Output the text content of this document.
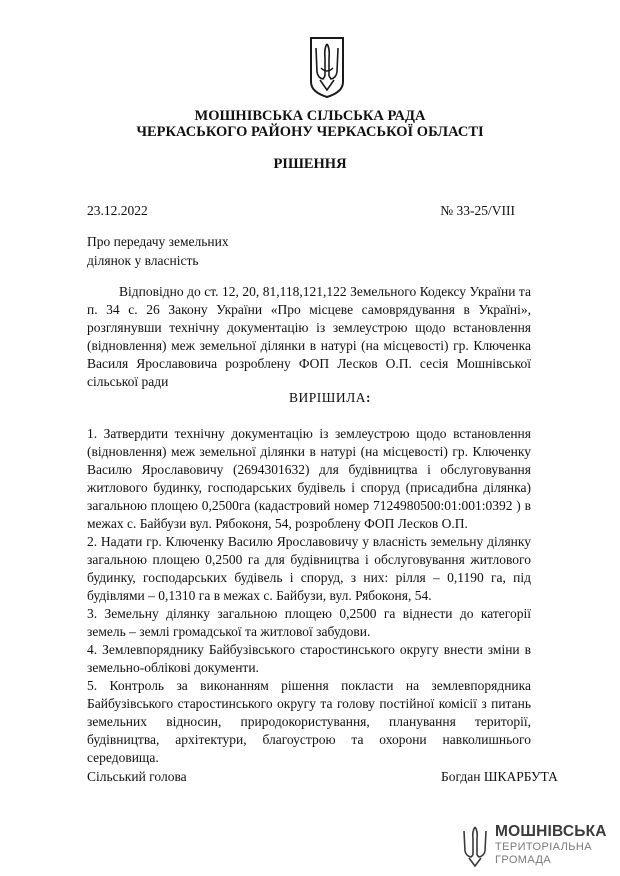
МОШНІВСЬКА СІЛЬСЬКА РАДА
ЧЕРКАСЬКОГО РАЙОНУ ЧЕРКАСЬКОЇ ОБЛАСТІ
РІШЕННЯ
23.12.2022	№ 33-25/VIII
Про передачу земельних
ділянок у власність
Відповідно до ст. 12, 20, 81,118,121,122 Земельного Кодексу України та п. 34 с. 26 Закону України «Про місцеве самоврядування в Україні», розглянувши технічну документацію із землеустрою щодо встановлення (відновлення) меж земельної ділянки в натурі (на місцевості) гр. Ключенка Василя Ярославовича розроблену ФОП Лесков О.П. сесія Мошнівської сільської ради
ВИРІШИЛА:

1. Затвердити технічну документацію із землеустрою щодо встановлення (відновлення) меж земельної ділянки в натурі (на місцевості) гр. Ключенку Василю Ярославовичу (2694301632) для будівництва і обслуговування житлового будинку, господарських будівель і споруд (присадибна ділянка) загальною площею 0,2500га (кадастровий номер 7124980500:01:001:0392 ) в межах с. Байбузи вул. Рябоконя, 54, розроблену ФОП Лесков О.П.

2. Надати гр. Ключенку Василю Ярославовичу у власність земельну ділянку загальною площею 0,2500 га для будівництва і обслуговування житлового будинку, господарських будівель і споруд, з них: рілля – 0,1190 га, під будівлями – 0,1310 га в межах с. Байбузи, вул. Рябоконя, 54.

3. Земельну ділянку загальною площею 0,2500 га віднести до категорії земель – землі громадської та житлової забудови.

4. Землевпоряднику Байбузівського старостинського округу внести зміни в земельно-облікові документи.

5. Контроль за виконанням рішення покласти на землевпорядника Байбузівського старостинського округу та голову постійної комісії з питань земельних відносин, природокористування, планування території, будівництва, архітектури, благоустрою та охорони навколишнього середовища.

Сільський голова	Богдан ШКАРБУТА
МОШНІВСЬКА
ТЕРИТОРІАЛЬНА
ГРОМАДА
